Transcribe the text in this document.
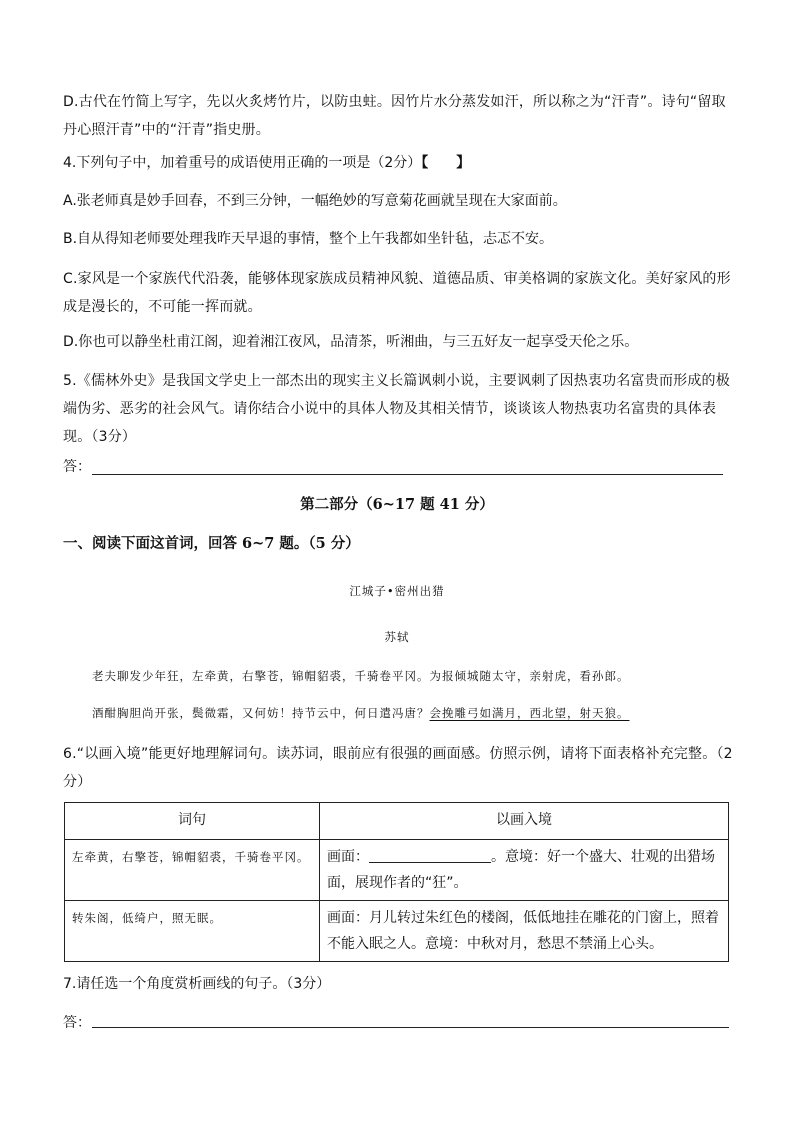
D.古代在竹简上写字，先以火炙烤竹片，以防虫蛀。因竹片水分蒸发如汗，所以称之为“汗青”。诗句“留取丹心照汗青”中的“汗青”指史册。
4.下列句子中，加着重号的成语使用正确的一项是（2分）【　　】
A.张老师真是妙手回春，不到三分钟，一幅绝妙的写意菊花画就呈现在大家面前。
B.自从得知老师要处理我昨天早退的事情，整个上午我都如坐针毡，忐忑不安。
C.家风是一个家族代代沿袭，能够体现家族成员精神风貌、道德品质、审美格调的家族文化。美好家风的形成是漫长的，不可能一挥而就。
D.你也可以静坐杜甫江阁，迎着湘江夜风，品清茶，听湘曲，与三五好友一起享受天伦之乐。
5.《儒林外史》是我国文学史上一部杰出的现实主义长篇讽刺小说，主要讽刺了因热衷功名富贵而形成的极端伪劣、恶劣的社会风气。请你结合小说中的具体人物及其相关情节，谈谈该人物热衷功名富贵的具体表现。（3分）
答：
第二部分（6~17 题 41 分）
一、阅读下面这首词，回答 6~7 题。（5 分）
江城子•密州出猎
苏轼
老夫聊发少年狂，左牵黄，右擎苍，锦帽貂裘，千骑卷平冈。为报倾城随太守，亲射虎，看孙郎。
酒酣胸胆尚开张，鬓微霜，又何妨！持节云中，何日遣冯唐？会挽雕弓如满月，西北望，射天狼。
6.“以画入境”能更好地理解词句。读苏词，眼前应有很强的画面感。仿照示例，请将下面表格补充完整。（2分）
词句	以画入境
左牵黄，右擎苍，锦帽貂裘，千骑卷平冈。	画面： 。意境：好一个盛大、壮观的出猎场面，展现作者的“狂”。
转朱阁，低绮户，照无眠。	画面：月儿转过朱红色的楼阁，低低地挂在雕花的门窗上，照着不能入眠之人。意境：中秋对月，愁思不禁涌上心头。
7.请任选一个角度赏析画线的句子。（3分）
答：
